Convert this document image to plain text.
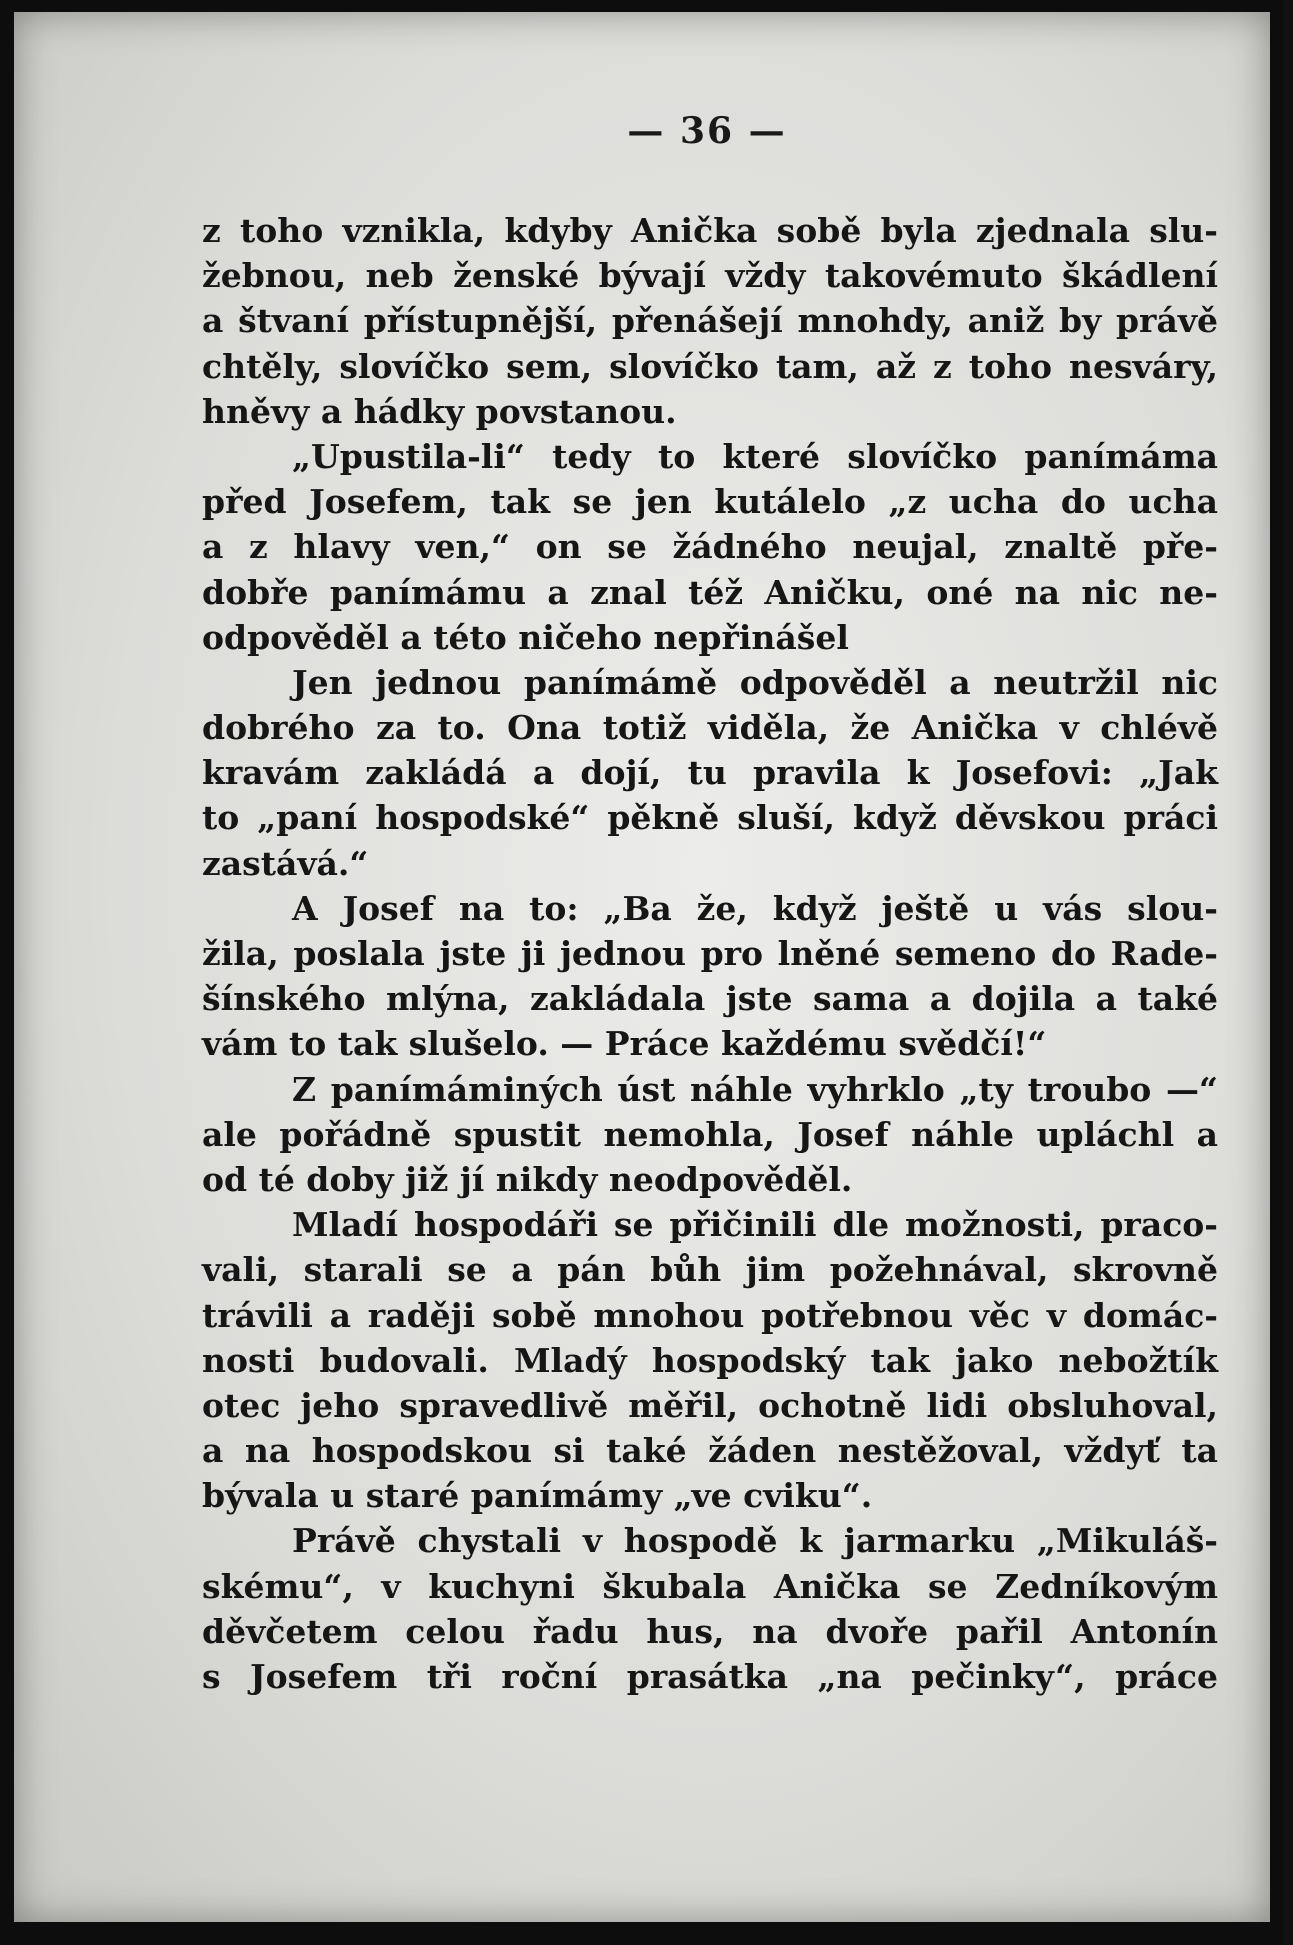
— 36 —
z toho vznikla, kdyby Anička sobě byla zjednala slu-
žebnou, neb ženské bývají vždy takovémuto škádlení
a štvaní přístupnější, přenášejí mnohdy, aniž by právě
chtěly, slovíčko sem, slovíčko tam, až z toho nesváry,
hněvy a hádky povstanou.
„Upustila-li“ tedy to které slovíčko panímáma
před Josefem, tak se jen kutálelo „z ucha do ucha
a z hlavy ven,“ on se žádného neujal, znaltě pře-
dobře panímámu a znal též Aničku, oné na nic ne-
odpověděl a této ničeho nepřinášel
Jen jednou panímámě odpověděl a neutržil nic
dobrého za to. Ona totiž viděla, že Anička v chlévě
kravám zakládá a dojí, tu pravila k Josefovi: „Jak
to „paní hospodské“ pěkně sluší, když děvskou práci
zastává.“
A Josef na to: „Ba že, když ještě u vás slou-
žila, poslala jste ji jednou pro lněné semeno do Rade-
šínského mlýna, zakládala jste sama a dojila a také
vám to tak slušelo. — Práce každému svědčí!“
Z panímáminých úst náhle vyhrklo „ty troubo —“
ale pořádně spustit nemohla, Josef náhle upláchl a
od té doby již jí nikdy neodpověděl.
Mladí hospodáři se přičinili dle možnosti, praco-
vali, starali se a pán bůh jim požehnával, skrovně
trávili a raději sobě mnohou potřebnou věc v domác-
nosti budovali. Mladý hospodský tak jako nebožtík
otec jeho spravedlivě měřil, ochotně lidi obsluhoval,
a na hospodskou si také žáden nestěžoval, vždyť ta
bývala u staré panímámy „ve cviku“.
Právě chystali v hospodě k jarmarku „Mikuláš-
skému“, v kuchyni škubala Anička se Zedníkovým
děvčetem celou řadu hus, na dvoře pařil Antonín
s Josefem tři roční prasátka „na pečinky“, práce
